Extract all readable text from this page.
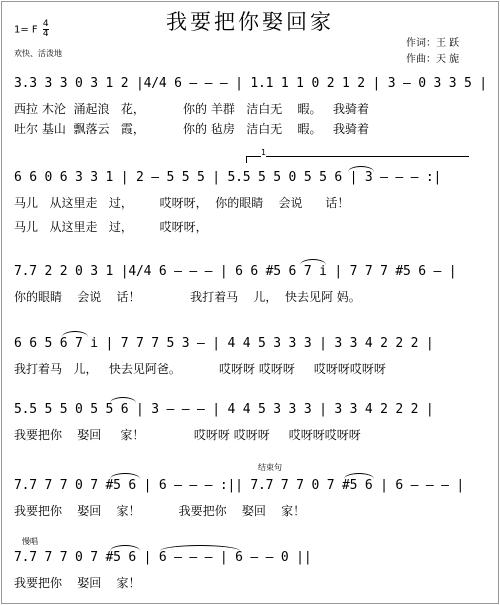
我要把你娶回家
1= F $\frac{4}{4}$
欢快、活泼地
作词：王 跃
作曲：天 旎
3.3 3 3 0 3 1 2 |4/4 6 — — — | 1.1 1 1 0 2 1 2 | 3 — 0 3 3 5 |
西拉 木沦  涌起浪   花，          你的 羊群   洁白无    暇。   我骑着
吐尔 基山  飘落云   霞，          你的 毡房   洁白无    暇。   我骑着
1
6 6 0 6 3 3 1 | 2 — 5 5 5 | 5.5 5 5 0 5 5 6 | 3 — — — :|
马儿   从这里走   过，       哎呀呀，  你的眼睛    会说      话！
马儿   从这里走   过，       哎呀呀，
7.7 2 2 0 3 1 |4/4 6 — — — | 6 6 #5 6 7 i | 7 7 7 #5 6 — |
你的眼睛    会说    话！             我打着马    儿，  快去见阿 妈。
6 6 5 6 7 i | 7 7 7 5 3 — | 4 4 5 3 3 3 | 3 3 4 2 2 2 |
我打着马   儿，   快去见阿爸。          哎呀呀 哎呀呀     哎呀呀哎呀呀
5.5 5 5 0 5 5 6 | 3 — — — | 4 4 5 3 3 3 | 3 3 4 2 2 2 |
我要把你    娶回     家！             哎呀呀 哎呀呀     哎呀呀哎呀呀
结束句
7.7 7 7 0 7 #5 6 | 6 — — — :|| 7.7 7 7 0 7 #5 6 | 6 — — — |
我要把你    娶回    家！          我要把你    娶回    家！
慢唱
7.7 7 7 0 7 #5 6 | 6 — — — | 6 — — 0 ||
我要把你    娶回    家！
